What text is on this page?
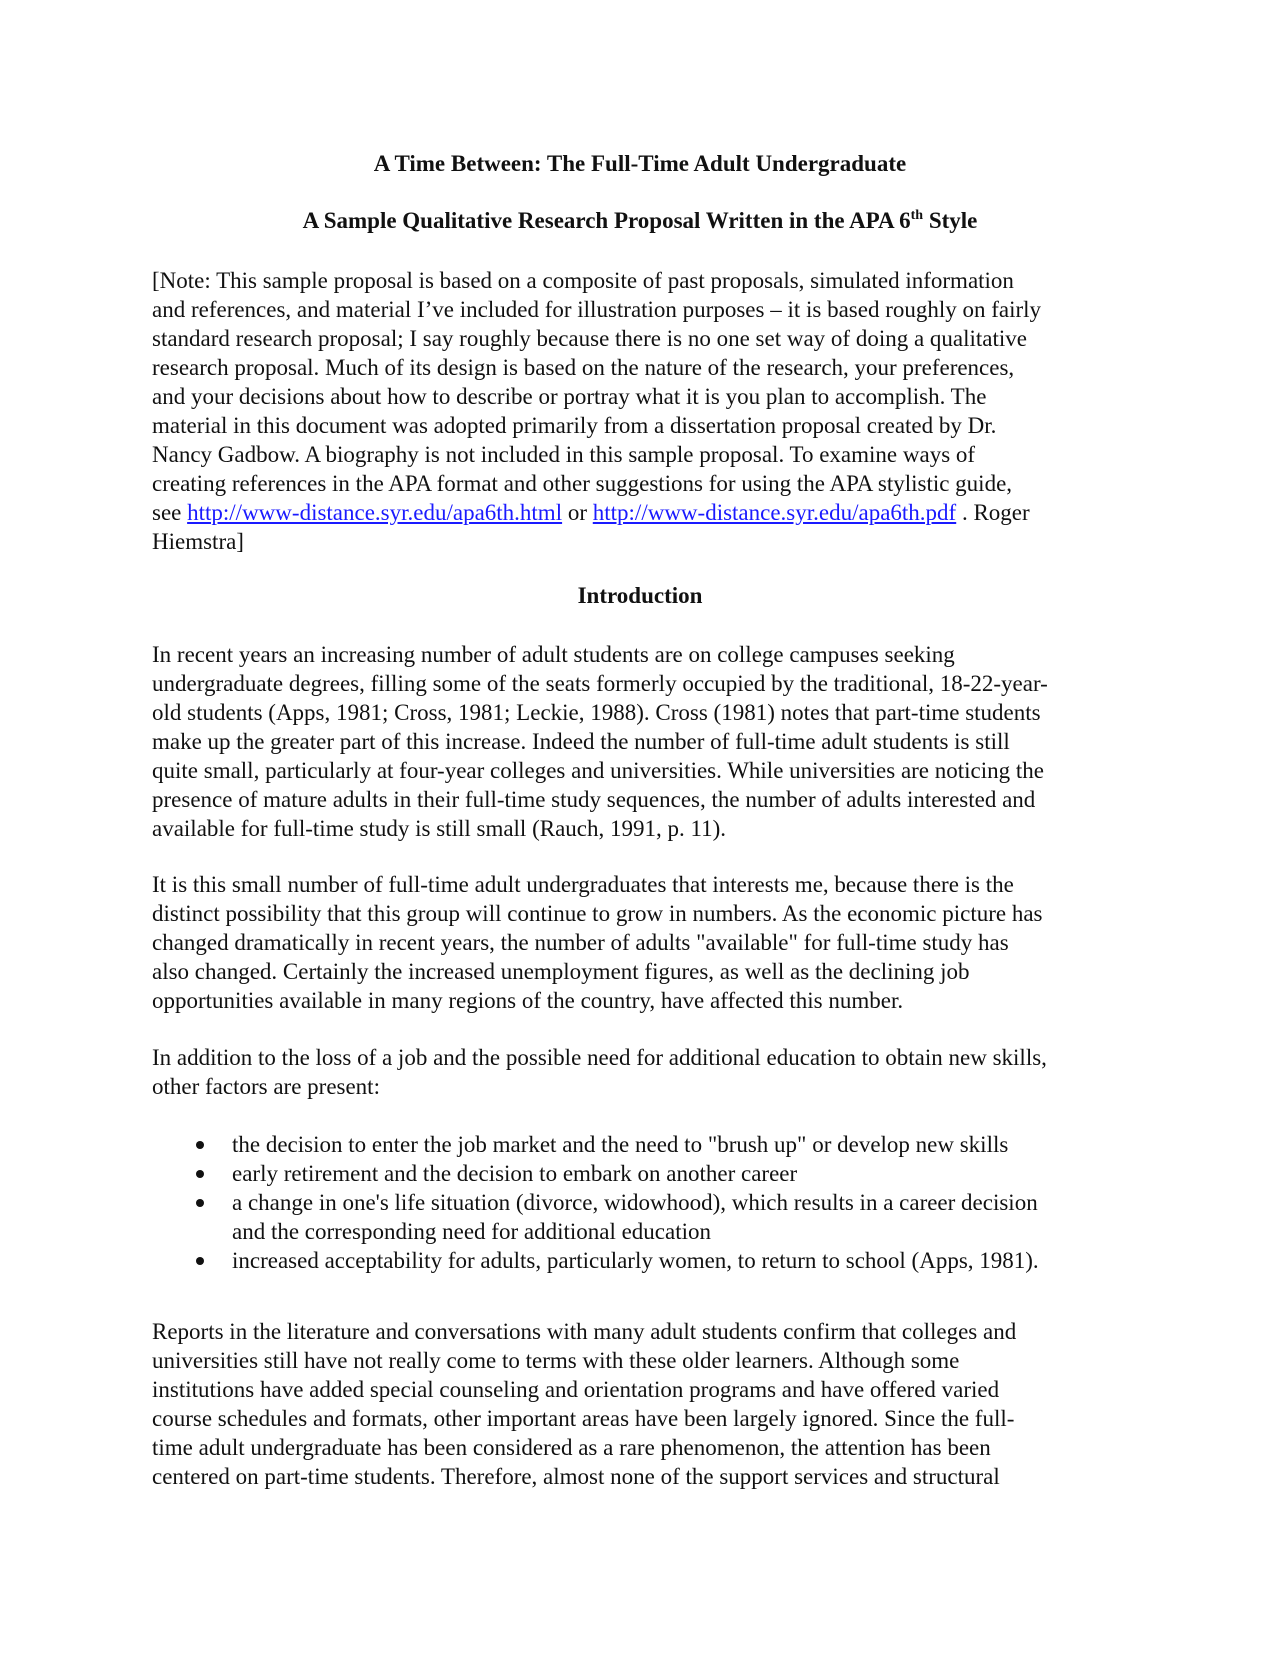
A Time Between: The Full-Time Adult Undergraduate
A Sample Qualitative Research Proposal Written in the APA 6th Style
[Note: This sample proposal is based on a composite of past proposals, simulated information
and references, and material I’ve included for illustration purposes – it is based roughly on fairly
standard research proposal; I say roughly because there is no one set way of doing a qualitative
research proposal. Much of its design is based on the nature of the research, your preferences,
and your decisions about how to describe or portray what it is you plan to accomplish. The
material in this document was adopted primarily from a dissertation proposal created by Dr.
Nancy Gadbow. A biography is not included in this sample proposal. To examine ways of
creating references in the APA format and other suggestions for using the APA stylistic guide,
see http://www-distance.syr.edu/apa6th.html or http://www-distance.syr.edu/apa6th.pdf . Roger
Hiemstra]
Introduction
In recent years an increasing number of adult students are on college campuses seeking
undergraduate degrees, filling some of the seats formerly occupied by the traditional, 18-22-year-
old students (Apps, 1981; Cross, 1981; Leckie, 1988). Cross (1981) notes that part-time students
make up the greater part of this increase. Indeed the number of full-time adult students is still
quite small, particularly at four-year colleges and universities. While universities are noticing the
presence of mature adults in their full-time study sequences, the number of adults interested and
available for full-time study is still small (Rauch, 1991, p. 11).
It is this small number of full-time adult undergraduates that interests me, because there is the
distinct possibility that this group will continue to grow in numbers. As the economic picture has
changed dramatically in recent years, the number of adults "available" for full-time study has
also changed. Certainly the increased unemployment figures, as well as the declining job
opportunities available in many regions of the country, have affected this number.
In addition to the loss of a job and the possible need for additional education to obtain new skills,
other factors are present:
the decision to enter the job market and the need to "brush up" or develop new skills
early retirement and the decision to embark on another career
a change in one's life situation (divorce, widowhood), which results in a career decision
and the corresponding need for additional education
increased acceptability for adults, particularly women, to return to school (Apps, 1981).
Reports in the literature and conversations with many adult students confirm that colleges and
universities still have not really come to terms with these older learners. Although some
institutions have added special counseling and orientation programs and have offered varied
course schedules and formats, other important areas have been largely ignored. Since the full-
time adult undergraduate has been considered as a rare phenomenon, the attention has been
centered on part-time students. Therefore, almost none of the support services and structural
